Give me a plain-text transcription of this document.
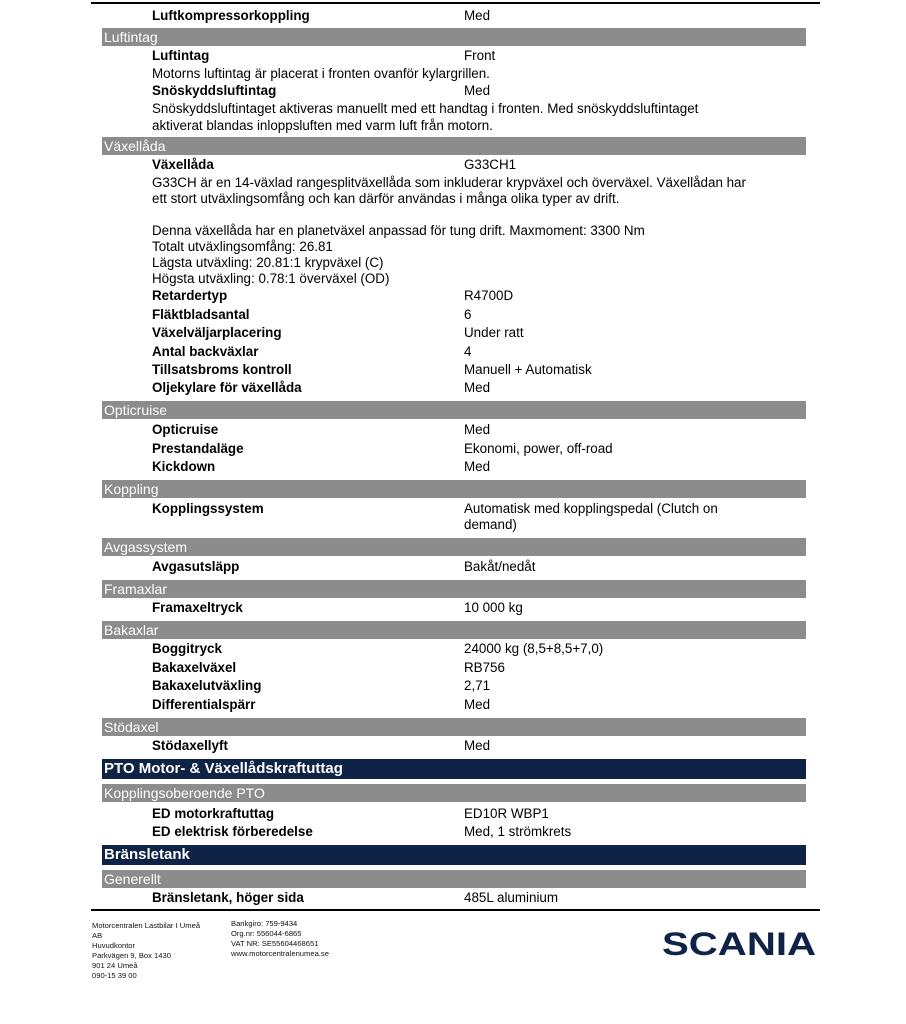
Luftkompressorkoppling	Med
Luftintag
Luftintag	Front
Motorns luftintag är placerat i fronten ovanför kylargrillen.
Snöskyddsluftintag	Med
Snöskyddsluftintaget aktiveras manuellt med ett handtag i fronten. Med snöskyddsluftintaget
aktiverat blandas inloppsluften med varm luft från motorn.
Växellåda
Växellåda	G33CH1
G33CH är en 14-växlad rangesplitväxellåda som inkluderar krypväxel och överväxel. Växellådan har
ett stort utväxlingsomfång och kan därför användas i många olika typer av drift.
Denna växellåda har en planetväxel anpassad för tung drift. Maxmoment: 3300 Nm
Totalt utväxlingsomfång: 26.81
Lägsta utväxling: 20.81:1 krypväxel (C)
Högsta utväxling: 0.78:1 överväxel (OD)
Retardertyp	R4700D
Fläktbladsantal	6
Växelväljarplacering	Under ratt
Antal backväxlar	4
Tillsatsbroms kontroll	Manuell + Automatisk
Oljekylare för växellåda	Med
Opticruise
Opticruise	Med
Prestandaläge	Ekonomi, power, off-road
Kickdown	Med
Koppling
Kopplingssystem	Automatisk med kopplingspedal (Clutch on demand)
Avgassystem
Avgasutsläpp	Bakåt/nedåt
Framaxlar
Framaxeltryck	10 000 kg
Bakaxlar
Boggitryck	24000 kg (8,5+8,5+7,0)
Bakaxelväxel	RB756
Bakaxelutväxling	2,71
Differentialspärr	Med
Stödaxel
Stödaxellyft	Med
PTO Motor- & Växellådskraftuttag
Kopplingsoberoende PTO
ED motorkraftuttag	ED10R WBP1
ED elektrisk förberedelse	Med, 1 strömkrets
Bränsletank
Generellt
Bränsletank, höger sida	485L aluminium
Motorcentralen Lastbilar I Umeå
AB
Huvudkontor
Parkvägen 9, Box 1430
901 24 Umeå
090-15 39 00
Bankgiro: 759-9434
Org.nr: 556044-6865
VAT NR: SE55604468651
www.motorcentralenumea.se	SCANIA
